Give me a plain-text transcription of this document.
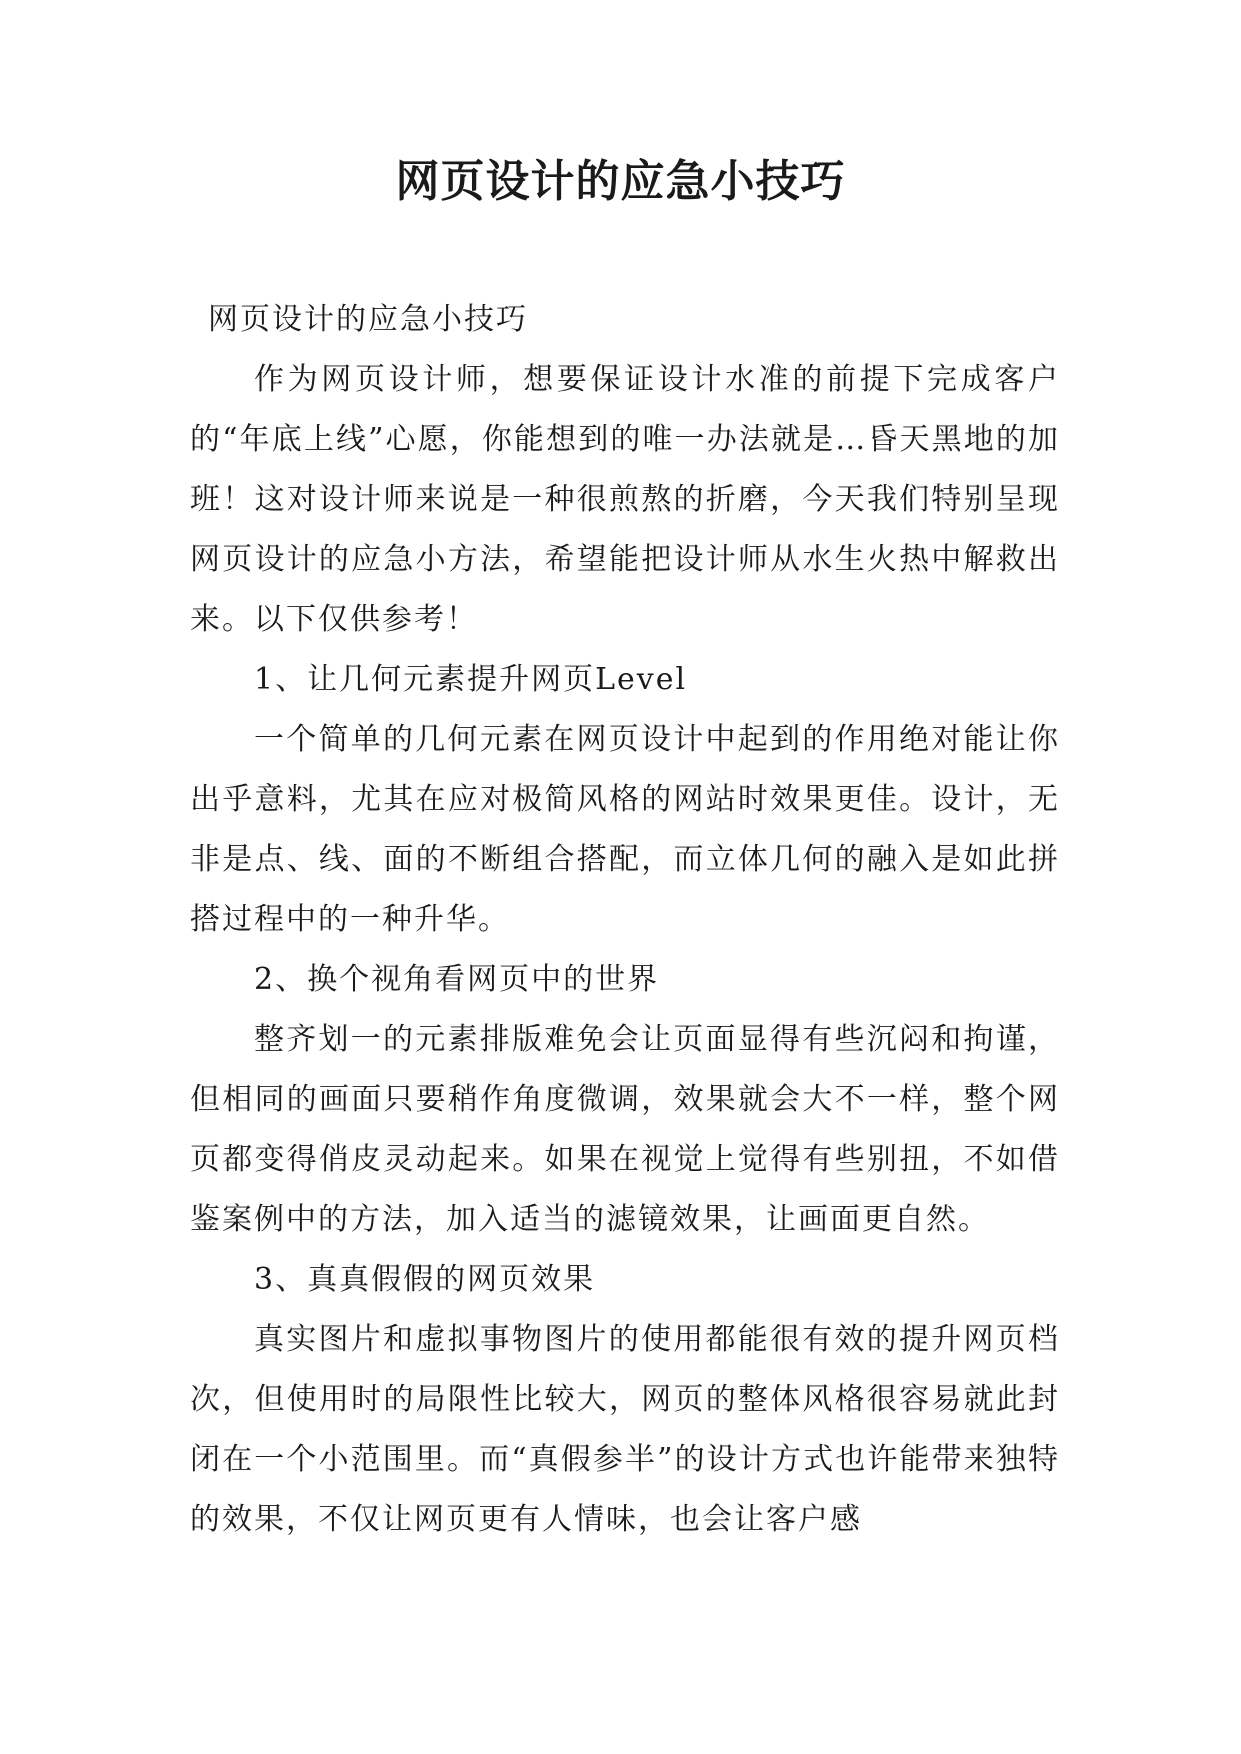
网页设计的应急小技巧

网页设计的应急小技巧

作为网页设计师，想要保证设计水准的前提下完成客户的“年底上线”心愿，你能想到的唯一办法就是…昏天黑地的加班！这对设计师来说是一种很煎熬的折磨，今天我们特别呈现网页设计的应急小方法，希望能把设计师从水生火热中解救出来。以下仅供参考！

1、让几何元素提升网页Level

一个简单的几何元素在网页设计中起到的作用绝对能让你出乎意料，尤其在应对极简风格的网站时效果更佳。设计，无非是点、线、面的不断组合搭配，而立体几何的融入是如此拼搭过程中的一种升华。

2、换个视角看网页中的世界

整齐划一的元素排版难免会让页面显得有些沉闷和拘谨，但相同的画面只要稍作角度微调，效果就会大不一样，整个网页都变得俏皮灵动起来。如果在视觉上觉得有些别扭，不如借鉴案例中的方法，加入适当的滤镜效果，让画面更自然。

3、真真假假的网页效果

真实图片和虚拟事物图片的使用都能很有效的提升网页档次，但使用时的局限性比较大，网页的整体风格很容易就此封闭在一个小范围里。而“真假参半”的设计方式也许能带来独特的效果，不仅让网页更有人情味，也会让客户感
